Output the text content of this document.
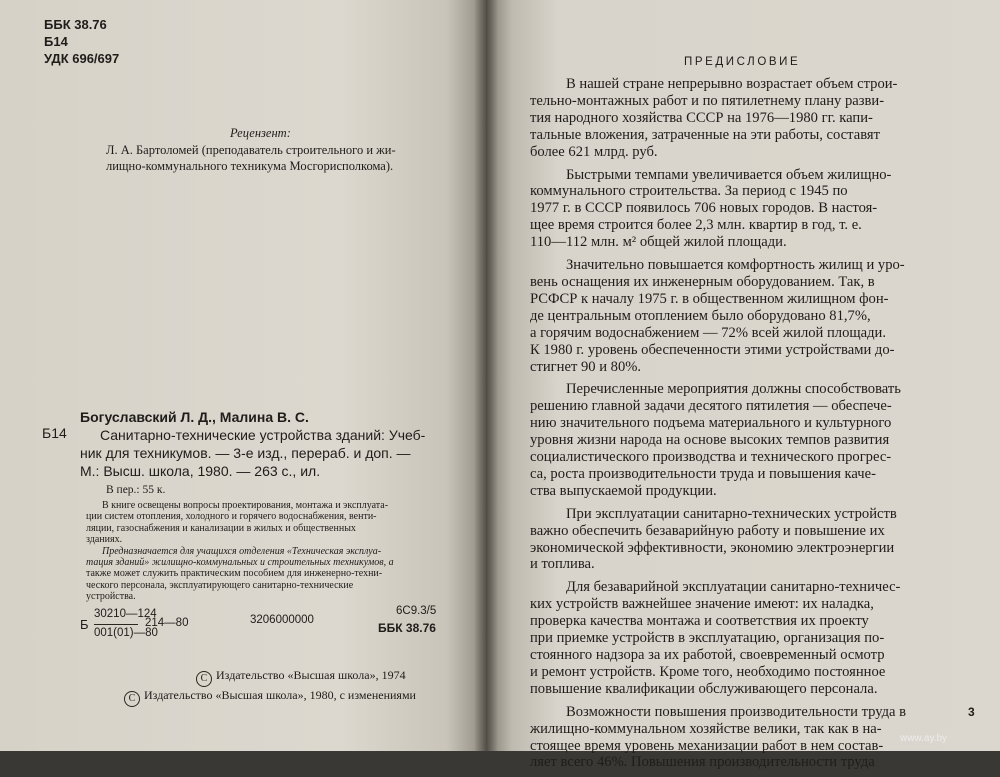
ББК 38.76
Б14
УДК 696/697
Рецензент:
Л. А. Бартоломей (преподаватель строительного и жи-
лищно-коммунального техникума Мосгорисполкома).
Б14
Богуславский Л. Д., Малина В. С.
Санитарно-технические устройства зданий: Учеб-
ник для техникумов. — 3-е изд., перераб. и доп. —
М.: Высш. школа, 1980. — 263 с., ил.
В пер.: 55 к.
В книге освещены вопросы проектирования, монтажа и эксплуата-
ции систем отопления, холодного и горячего водоснабжения, венти-
ляции, газоснабжения и канализации в жилых и общественных
зданиях.
Предназначается для учащихся отделения «Техническая эксплуа-
тация зданий» жилищно-коммунальных и строительных техникумов, а
также может служить практическим пособием для инженерно-техни-
ческого персонала, эксплуатирующего санитарно-технические
устройства.
Б
30210—124
001(01)—80
214—80	3206000000
6С9.3/5
ББК 38.76
C Издательство «Высшая школа», 1974
C Издательство «Высшая школа», 1980, с изменениями
ПРЕДИСЛОВИЕ
В нашей стране непрерывно возрастает объем строи-
тельно-монтажных работ и по пятилетнему плану разви-
тия народного хозяйства СССР на 1976—1980 гг. капи-
тальные вложения, затраченные на эти работы, составят
более 621 млрд. руб.
Быстрыми темпами увеличивается объем жилищно-
коммунального строительства. За период с 1945 по
1977 г. в СССР появилось 706 новых городов. В настоя-
щее время строится более 2,3 млн. квартир в год, т. е.
110—112 млн. м² общей жилой площади.
Значительно повышается комфортность жилищ и уро-
вень оснащения их инженерным оборудованием. Так, в
РСФСР к началу 1975 г. в общественном жилищном фон-
де центральным отоплением было оборудовано 81,7%,
а горячим водоснабжением — 72% всей жилой площади.
К 1980 г. уровень обеспеченности этими устройствами до-
стигнет 90 и 80%.
Перечисленные мероприятия должны способствовать
решению главной задачи десятого пятилетия — обеспече-
нию значительного подъема материального и культурного
уровня жизни народа на основе высоких темпов развития
социалистического производства и технического прогрес-
са, роста производительности труда и повышения каче-
ства выпускаемой продукции.
При эксплуатации санитарно-технических устройств
важно обеспечить безаварийную работу и повышение их
экономической эффективности, экономию электроэнергии
и топлива.
Для безаварийной эксплуатации санитарно-техничес-
ких устройств важнейшее значение имеют: их наладка,
проверка качества монтажа и соответствия их проекту
при приемке устройств в эксплуатацию, организация по-
стоянного надзора за их работой, своевременный осмотр
и ремонт устройств. Кроме того, необходимо постоянное
повышение квалификации обслуживающего персонала.
Возможности повышения производительности труда в
жилищно-коммунальном хозяйстве велики, так как в на-
стоящее время уровень механизации работ в нем состав-
ляет всего 46%. Повышения производительности труда
3
www.ay.by
